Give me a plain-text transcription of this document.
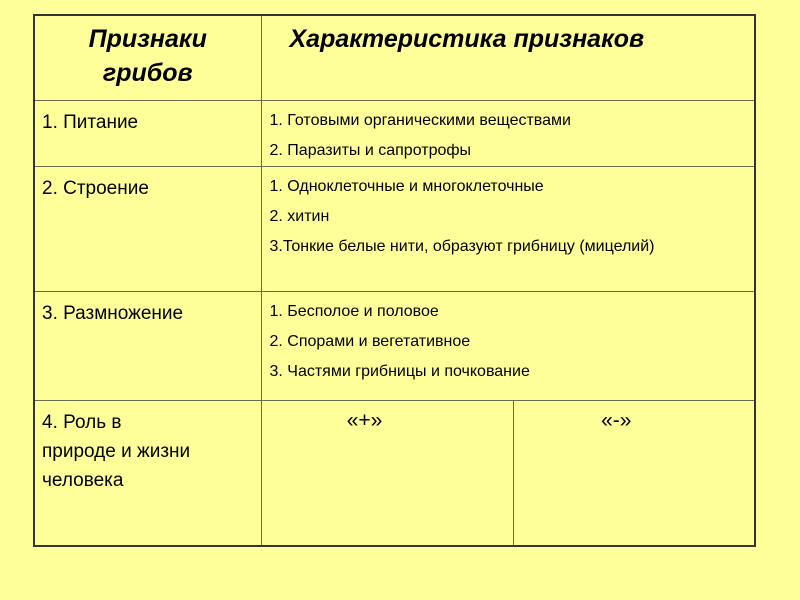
Признаки
грибов	Характеристика признаков	
1. Питание	1. Готовыми органическими веществами
2. Паразиты и сапротрофы	

2. Строение	1. Одноклеточные и многоклеточные
2. хитин
3.Тонкие белые нити, образуют грибницу (мицелий)	

3. Размножение	1. Бесполое и половое
2. Спорами и вегетативное
3. Частями грибницы и почкование	

4. Роль в
природе и жизни
человека	«+»	«-»
